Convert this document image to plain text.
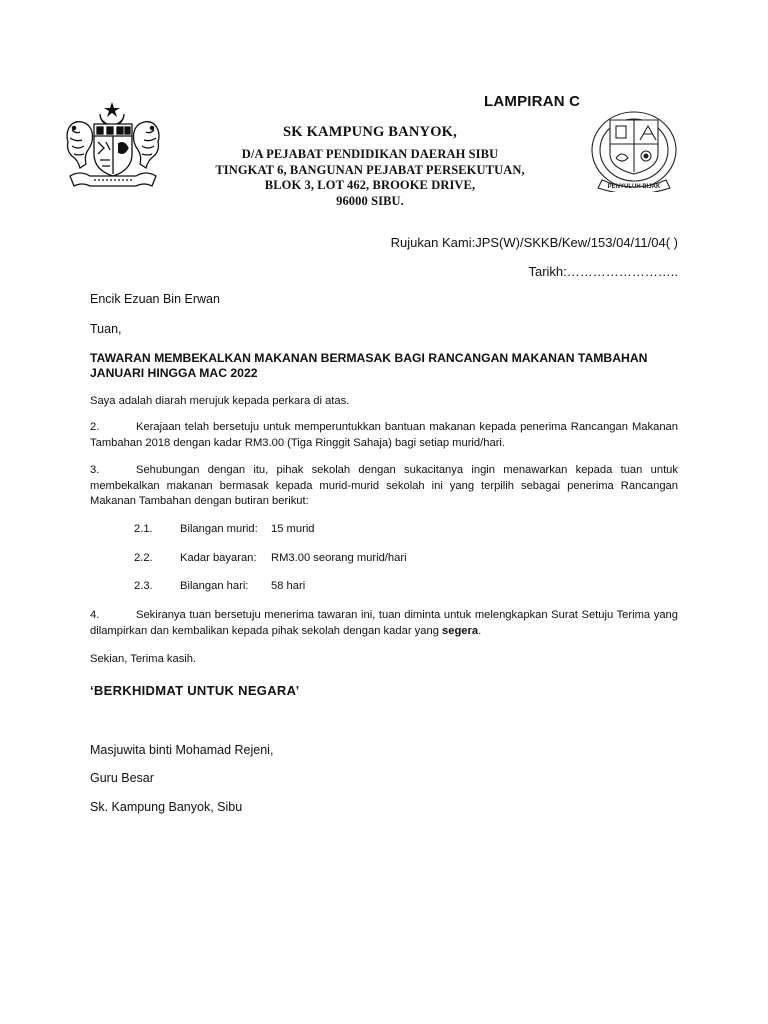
PENYULUH BIJAK
LAMPIRAN C
SK KAMPUNG BANYOK,
D/A PEJABAT PENDIDIKAN DAERAH SIBU
TINGKAT 6, BANGUNAN PEJABAT PERSEKUTUAN,
BLOK 3, LOT 462, BROOKE DRIVE,
96000 SIBU.
Rujukan Kami:JPS(W)/SKKB/Kew/153/04/11/04( )
Tarikh:……………………..
Encik Ezuan Bin Erwan
Tuan,
TAWARAN MEMBEKALKAN MAKANAN BERMASAK BAGI RANCANGAN MAKANAN TAMBAHAN JANUARI HINGGA MAC 2022
Saya adalah diarah merujuk kepada perkara di atas.
2.	Kerajaan telah bersetuju untuk memperuntukkan bantuan makanan kepada penerima Rancangan Makanan Tambahan 2018 dengan kadar RM3.00 (Tiga Ringgit Sahaja) bagi setiap murid/hari.
3.	Sehubungan dengan itu, pihak sekolah dengan sukacitanya ingin menawarkan kepada tuan untuk membekalkan makanan bermasak kepada murid-murid sekolah ini yang terpilih sebagai penerima Rancangan Makanan Tambahan dengan butiran berikut:
2.1. Bilangan murid: 15 murid
2.2. Kadar bayaran: RM3.00 seorang murid/hari
2.3. Bilangan hari: 58 hari
4.	Sekiranya tuan bersetuju menerima tawaran ini, tuan diminta untuk melengkapkan Surat Setuju Terima yang dilampirkan dan kembalikan kepada pihak sekolah dengan kadar yang segera.
Sekian, Terima kasih.
‘BERKHIDMAT UNTUK NEGARA’
Masjuwita binti Mohamad Rejeni,
Guru Besar
Sk. Kampung Banyok, Sibu
